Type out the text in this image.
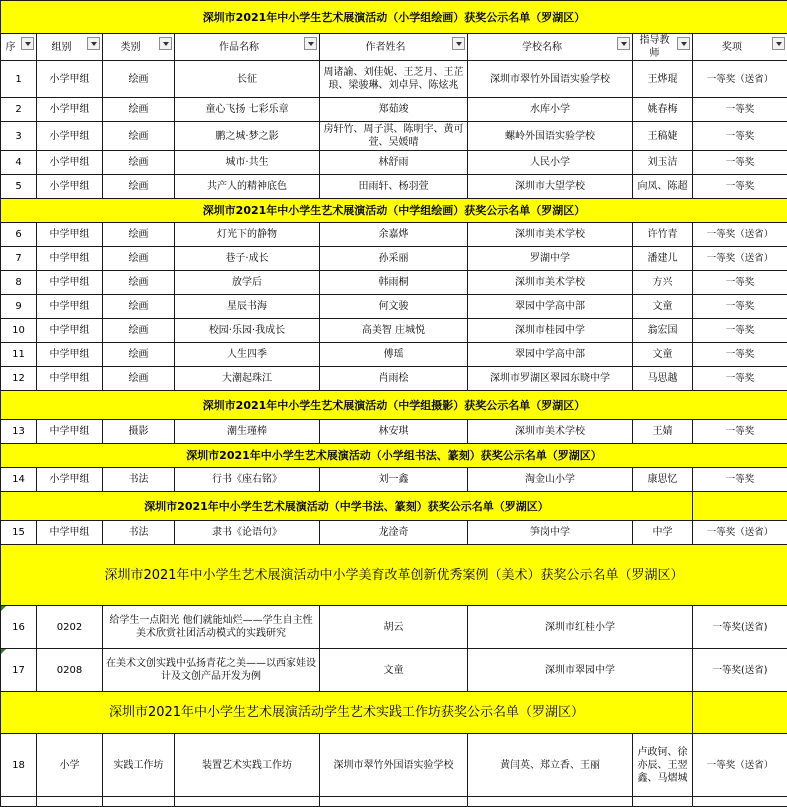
深圳市2021年中小学生艺术展演活动（小学组绘画）获奖公示名单（罗湖区）							
序	组别	类别	作品名称	作者姓名	学校名称	指导教师	奖项

1	小学甲组	绘画	长征	周诸諭、刘佳妮、王芝月、王芷琅、梁骏琳、刘卓异、陈炫兆	深圳市翠竹外国语实验学校	王烨琨	一等奖（送省）
2	小学甲组	绘画	童心飞扬 七彩乐章	郑茹竣	水库小学	姚春梅	一等奖
3	小学甲组	绘画	鹏之城·梦之影	房轩竹、周子淇、陈明宇、黄可萱、吴媛晴	螺岭外国语实验学校	王稿婕	一等奖
4	小学甲组	绘画	城市·共生	林舒雨	人民小学	刘玉洁	一等奖
5	小学甲组	绘画	共产人的精神底色	田雨轩、杨羽萱	深圳市大望学校	向凤、陈超	一等奖
深圳市2021年中小学生艺术展演活动（中学组绘画）获奖公示名单（罗湖区）							
6	中学甲组	绘画	灯光下的静物	余嘉烨	深圳市美术学校	许竹青	一等奖（送省）
7	中学甲组	绘画	巷子·成长	孙采丽	罗湖中学	潘建儿	一等奖（送省）
8	中学甲组	绘画	放学后	韩雨桐	深圳市美术学校	方兴	一等奖
9	中学甲组	绘画	星辰书海	何文骏	翠园中学高中部	文童	一等奖
10	中学甲组	绘画	校园·乐园·我成长	高美智 庄城悦	深圳市桂园中学	翁宏国	一等奖
11	中学甲组	绘画	人生四季	傅瑶	翠园中学高中部	文童	一等奖
12	中学甲组	绘画	大潮起珠江	肖雨桧	深圳市罗湖区翠园东晓中学	马思越	一等奖
深圳市2021年中小学生艺术展演活动（中学组摄影）获奖公示名单（罗湖区）							
13	中学甲组	摄影	潮生瑾棒	林安琪	深圳市美术学校	王婧	一等奖
深圳市2021年中小学生艺术展演活动（小学组书法、篆刻）获奖公示名单（罗湖区）							
14	小学甲组	书法	行书《座右铭》	刘一鑫	淘金山小学	康思忆	一等奖
深圳市2021年中小学生艺术展演活动（中学书法、篆刻）获奖公示名单（罗湖区）							
15	中学甲组	书法	隶书《论语句》	龙淦奇	笋岗中学	中学	一等奖（送省）
深圳市2021年中小学生艺术展演活动中小学美育改革创新优秀案例（美术）获奖公示名单（罗湖区）							

16	0202	给学生一点阳光 他们就能灿烂——学生自主性美术欣赏社团活动模式的实践研究		胡云	深圳市红桂小学		一等奖(送省)

17	0208	在美术文创实践中弘扬青花之美——以西家娃设计及文创产品开发为例		文童	深圳市翠园中学		一等奖(送省)
深圳市2021年中小学生艺术展演活动学生艺术实践工作坊获奖公示名单（罗湖区）							
18	小学	实践工作坊	装置艺术实践工作坊	深圳市翠竹外国语实验学校	黄闫英、郑立香、王丽	卢政钶、徐亦辰、王翌鑫、马熠城	一等奖（送省）
